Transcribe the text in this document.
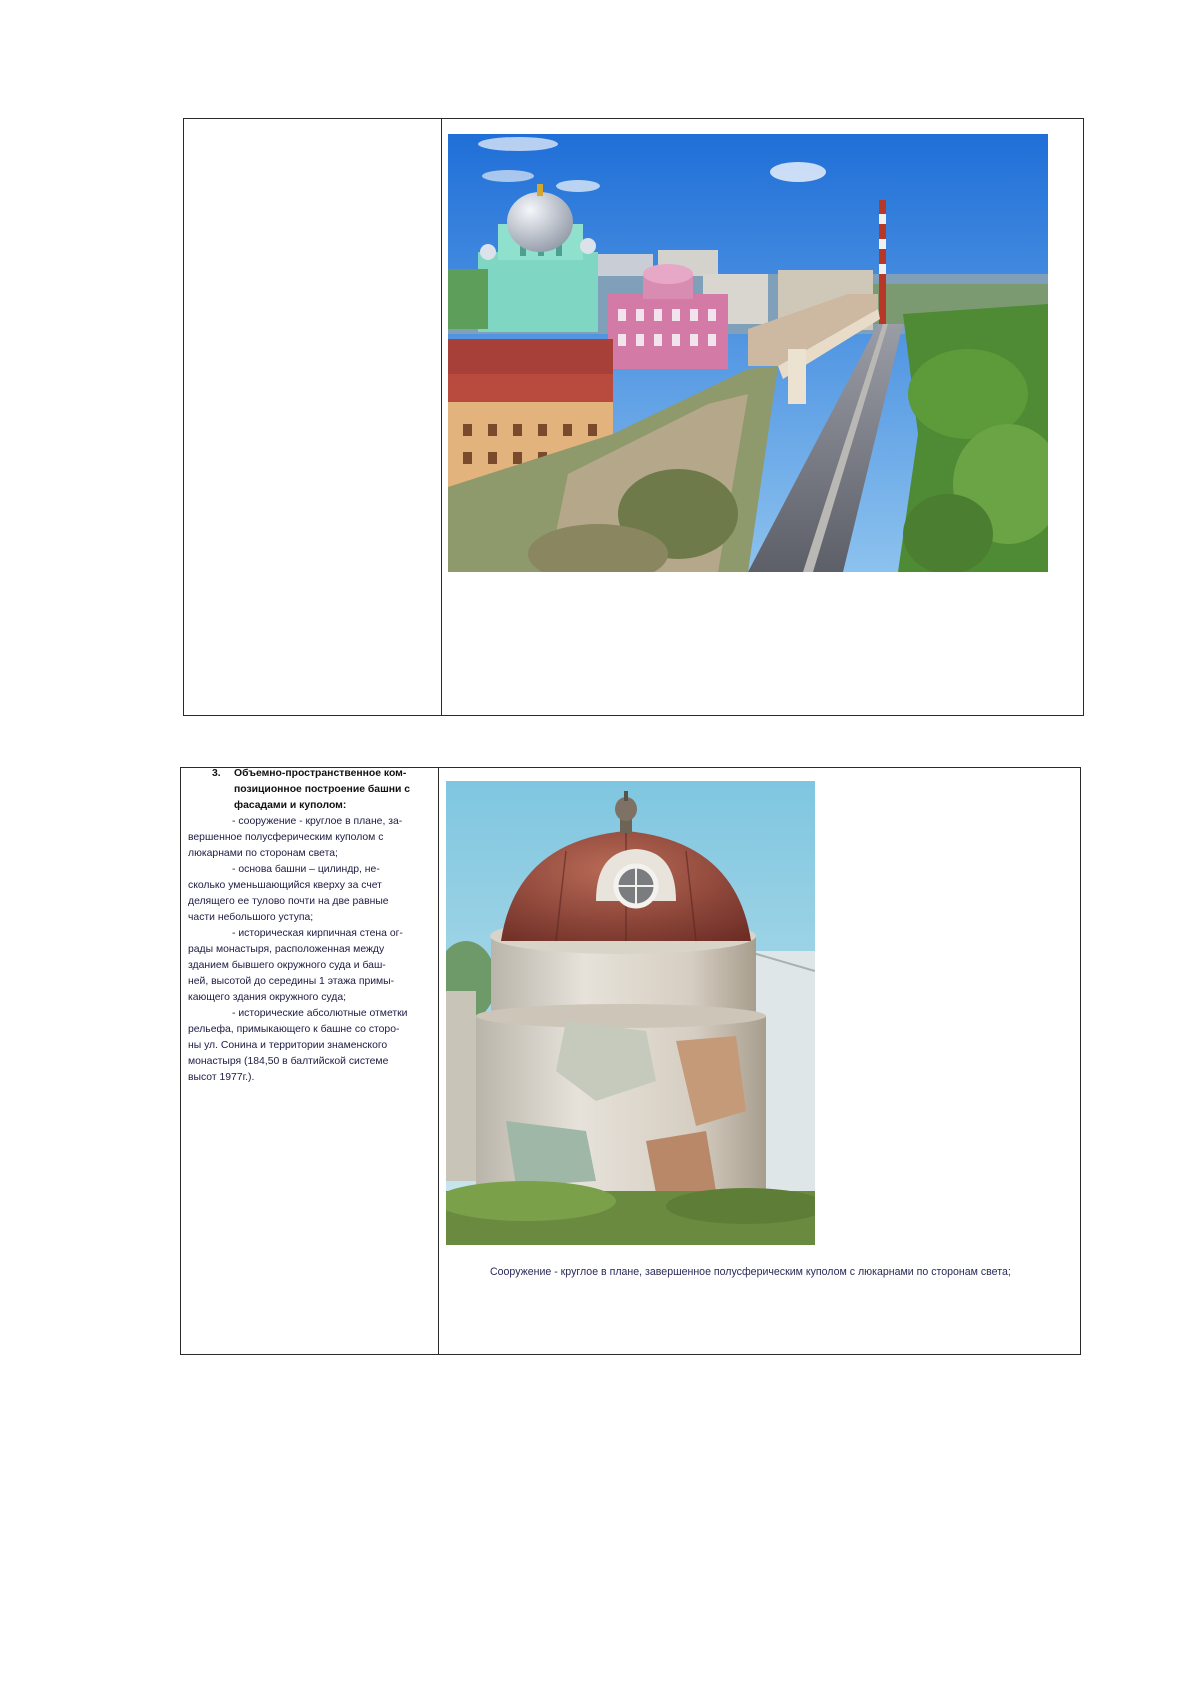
3. Объемно-пространственное ком-

позиционное построение башни с

фасадами и куполом:

- сооружение - круглое в плане, за-

вершенное полусферическим куполом с

люкарнами по сторонам света;

- основа башни – цилиндр, не-

сколько уменьшающийся кверху за счет

делящего ее тулово почти на две равные

части небольшого уступа;

- историческая кирпичная стена ог-

рады монастыря, расположенная между

зданием бывшего окружного суда и баш-

ней, высотой до середины 1 этажа примы-

кающего здания окружного суда;

- исторические абсолютные отметки

рельефа, примыкающего к башне со сторо-

ны ул. Сонина и территории знаменского

монастыря (184,50 в балтийской системе

высот 1977г.).

Сооружение - круглое в плане, завершенное полусферическим куполом с люкарнами по сторонам света;
